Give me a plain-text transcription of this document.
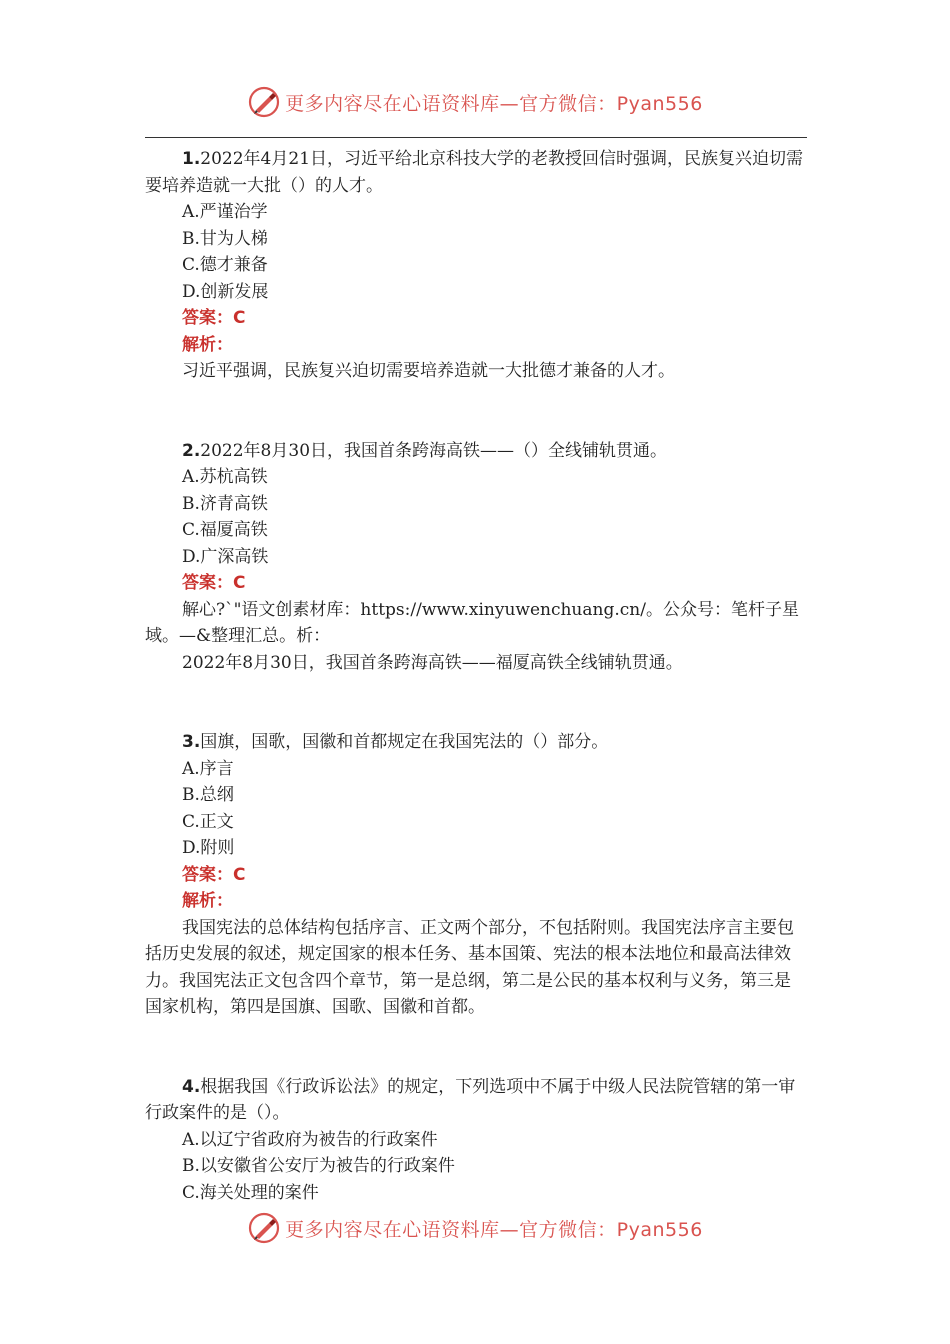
更多内容尽在心语资料库—官方微信：Pyan556
1.2022年4月21日，习近平给北京科技大学的老教授回信时强调，民族复兴迫切需要培养造就一大批（）的人才。
A.严谨治学
B.甘为人梯
C.德才兼备
D.创新发展
答案：C
解析：
习近平强调，民族复兴迫切需要培养造就一大批德才兼备的人才。
2.2022年8月30日，我国首条跨海高铁——（）全线铺轨贯通。
A.苏杭高铁
B.济青高铁
C.福厦高铁
D.广深高铁
答案：C
解心?`"语文创素材库：https://www.xinyuwenchuang.cn/。公众号：笔杆子星域。—&整理汇总。析：
2022年8月30日，我国首条跨海高铁——福厦高铁全线铺轨贯通。
3.国旗，国歌，国徽和首都规定在我国宪法的（）部分。
A.序言
B.总纲
C.正文
D.附则
答案：C
解析：
我国宪法的总体结构包括序言、正文两个部分，不包括附则。我国宪法序言主要包括历史发展的叙述，规定国家的根本任务、基本国策、宪法的根本法地位和最高法律效力。我国宪法正文包含四个章节，第一是总纲，第二是公民的基本权利与义务，第三是国家机构，第四是国旗、国歌、国徽和首都。
4.根据我国《行政诉讼法》的规定，下列选项中不属于中级人民法院管辖的第一审行政案件的是（）。
A.以辽宁省政府为被告的行政案件
B.以安徽省公安厅为被告的行政案件
C.海关处理的案件
更多内容尽在心语资料库—官方微信：Pyan556
